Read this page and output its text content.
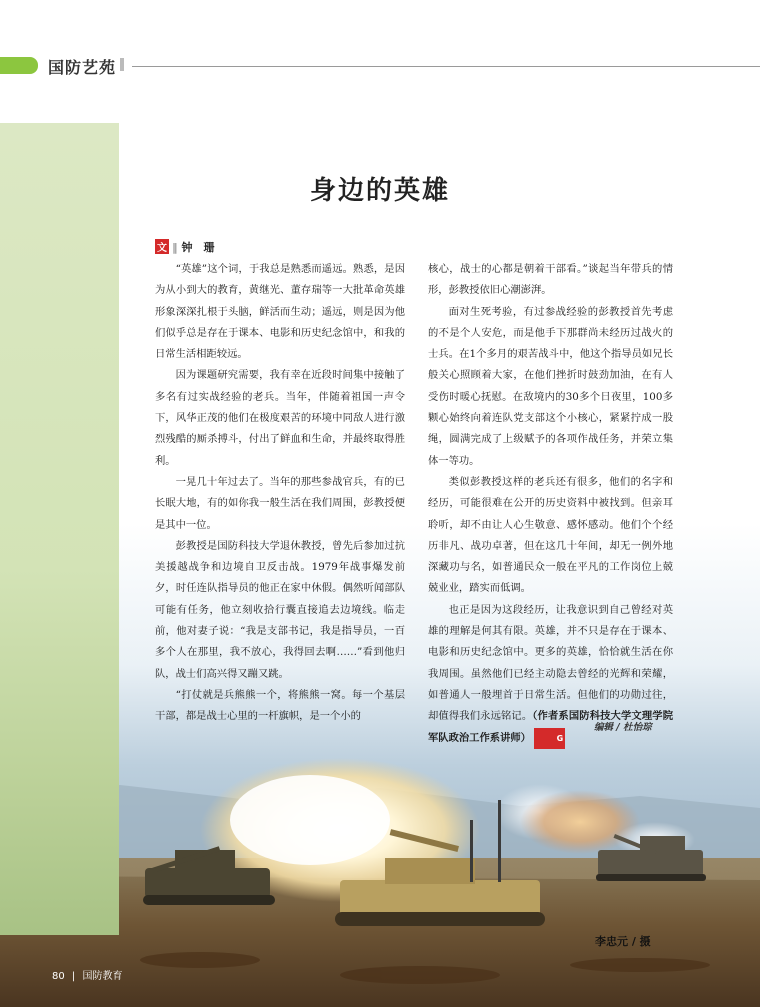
国防艺苑
身边的英雄
文 ‖ 钟　珊

“英雄”这个词，于我总是熟悉而遥远。熟悉，是因为从小到大的教育，黄继光、董存瑞等一大批革命英雄形象深深扎根于头脑，鲜活而生动；遥远，则是因为他们似乎总是存在于课本、电影和历史纪念馆中，和我的日常生活相距较远。

因为课题研究需要，我有幸在近段时间集中接触了多名有过实战经验的老兵。当年，伴随着祖国一声令下，风华正茂的他们在极度艰苦的环境中同敌人进行激烈残酷的厮杀搏斗，付出了鲜血和生命，并最终取得胜利。

一晃几十年过去了。当年的那些参战官兵，有的已长眠大地，有的如你我一般生活在我们周围，彭教授便是其中一位。

彭教授是国防科技大学退休教授，曾先后参加过抗美援越战争和边境自卫反击战。1979年战事爆发前夕，时任连队指导员的他正在家中休假。偶然听闻部队可能有任务，他立刻收拾行囊直接追去边境线。临走前，他对妻子说：“我是支部书记，我是指导员，一百多个人在那里，我不放心，我得回去啊……”看到他归队，战士们高兴得又蹦又跳。

“打仗就是兵熊熊一个，将熊熊一窝。每一个基层干部，都是战士心里的一杆旗帜，是一个小的

核心，战士的心都是朝着干部看。”谈起当年带兵的情形，彭教授依旧心潮澎湃。

面对生死考验，有过参战经验的彭教授首先考虑的不是个人安危，而是他手下那群尚未经历过战火的士兵。在1个多月的艰苦战斗中，他这个指导员如兄长般关心照顾着大家，在他们挫折时鼓劲加油，在有人受伤时暖心抚慰。在敌境内的30多个日夜里，100多颗心始终向着连队党支部这个小核心，紧紧拧成一股绳，圆满完成了上级赋予的各项作战任务，并荣立集体一等功。

类似彭教授这样的老兵还有很多，他们的名字和经历，可能很难在公开的历史资料中被找到。但亲耳聆听，却不由让人心生敬意、感怀感动。他们个个经历非凡、战功卓著，但在这几十年间，却无一例外地深藏功与名，如普通民众一般在平凡的工作岗位上兢兢业业，踏实而低调。

也正是因为这段经历，让我意识到自己曾经对英雄的理解是何其有限。英雄，并不只是存在于课本、电影和历史纪念馆中。更多的英雄，恰恰就生活在你我周围。虽然他们已经主动隐去曾经的光辉和荣耀，如普通人一般埋首于日常生活。但他们的功勋过往，却值得我们永远铭记。（作者系国防科技大学文理学院军队政治工作系讲师）	G

编辑 / 杜怡琮
李忠元 / 摄
80 | 国防教育
